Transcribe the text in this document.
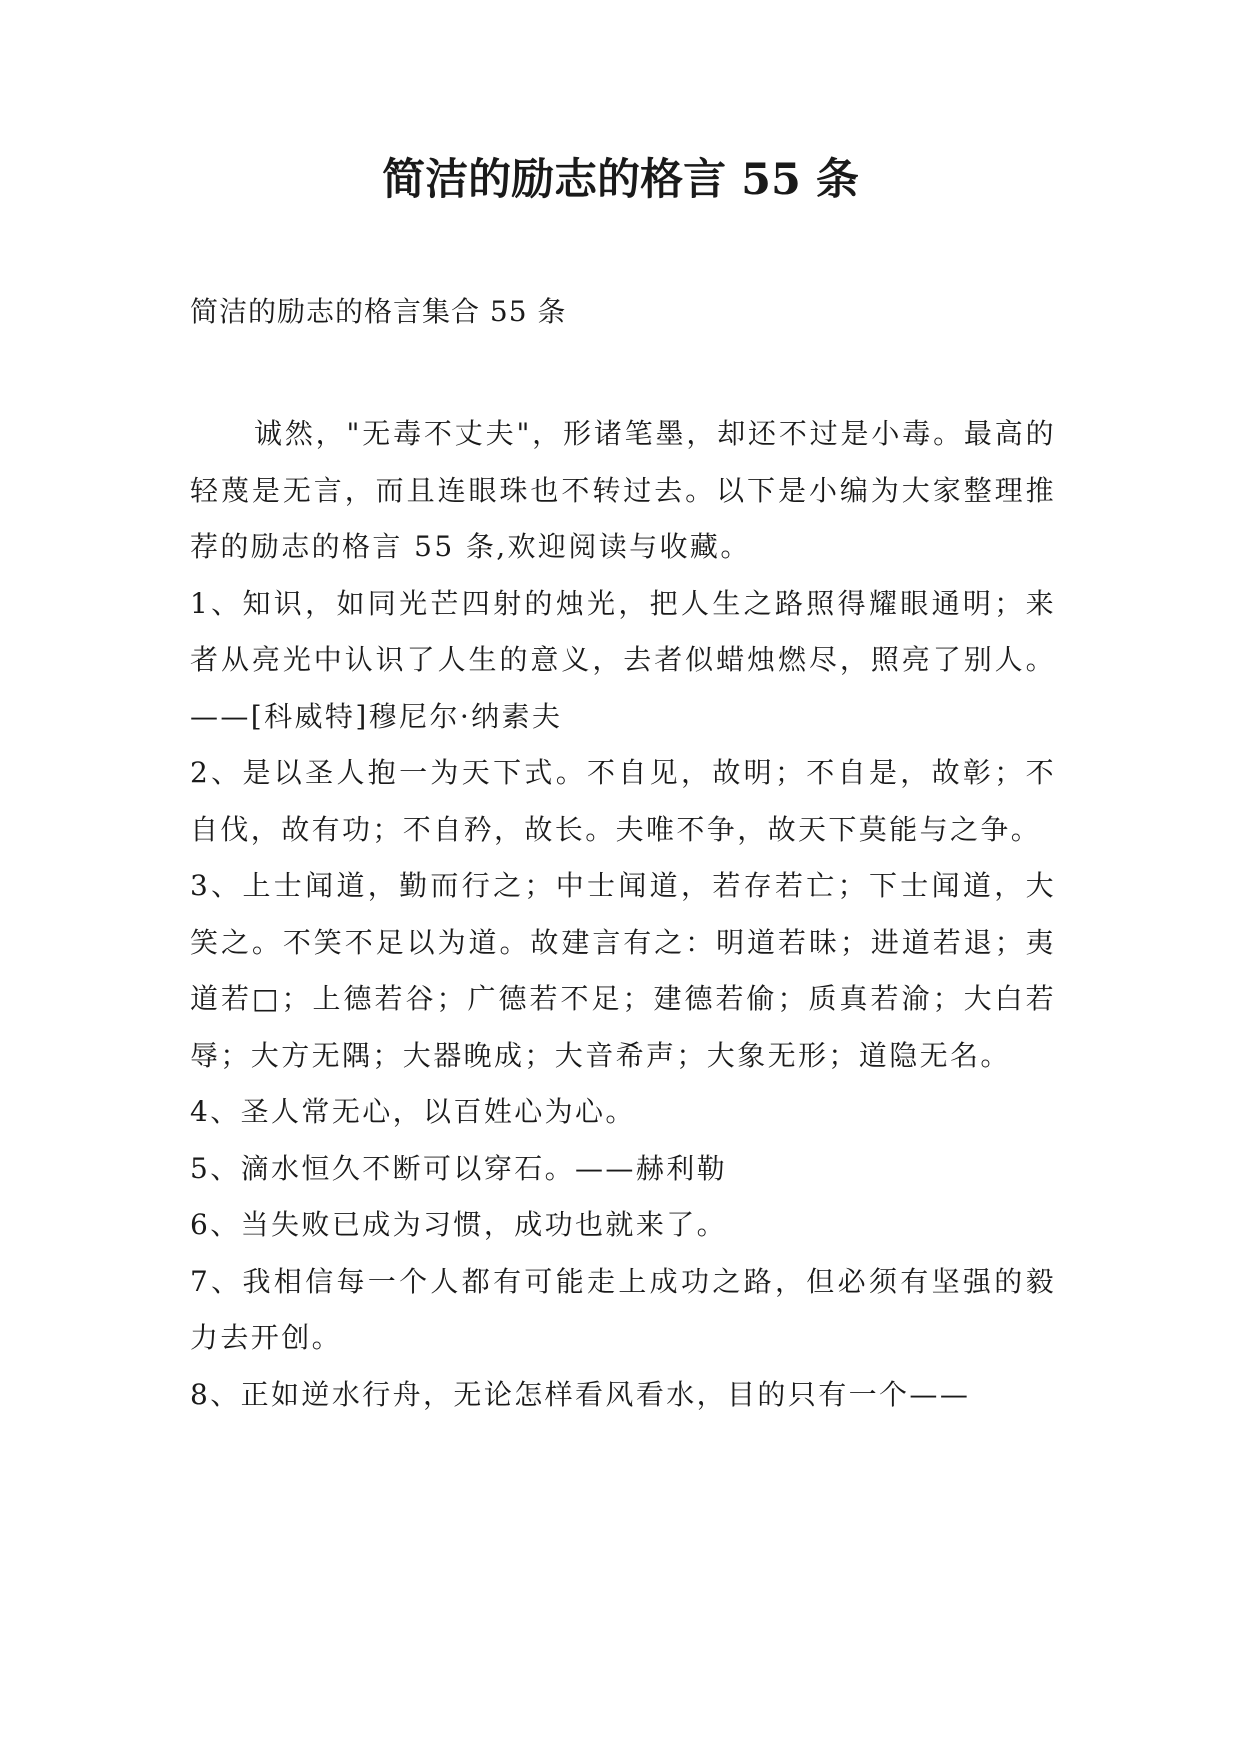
简洁的励志的格言 55 条

简洁的励志的格言集合 55 条

诚然，"无毒不丈夫"，形诸笔墨，却还不过是小毒。最高的轻蔑是无言，而且连眼珠也不转过去。以下是小编为大家整理推荐的励志的格言 55 条,欢迎阅读与收藏。

1、知识，如同光芒四射的烛光，把人生之路照得耀眼通明；来者从亮光中认识了人生的意义，去者似蜡烛燃尽，照亮了别人。——[科威特]穆尼尔·纳素夫

2、是以圣人抱一为天下式。不自见，故明；不自是，故彰；不自伐，故有功；不自矜，故长。夫唯不争，故天下莫能与之争。

3、上士闻道，勤而行之；中士闻道，若存若亡；下士闻道，大笑之。不笑不足以为道。故建言有之：明道若昧；进道若退；夷道若□；上德若谷；广德若不足；建德若偷；质真若渝；大白若辱；大方无隅；大器晚成；大音希声；大象无形；道隐无名。

4、圣人常无心，以百姓心为心。

5、滴水恒久不断可以穿石。——赫利勒

6、当失败已成为习惯，成功也就来了。

7、我相信每一个人都有可能走上成功之路，但必须有坚强的毅力去开创。

8、正如逆水行舟，无论怎样看风看水，目的只有一个——
